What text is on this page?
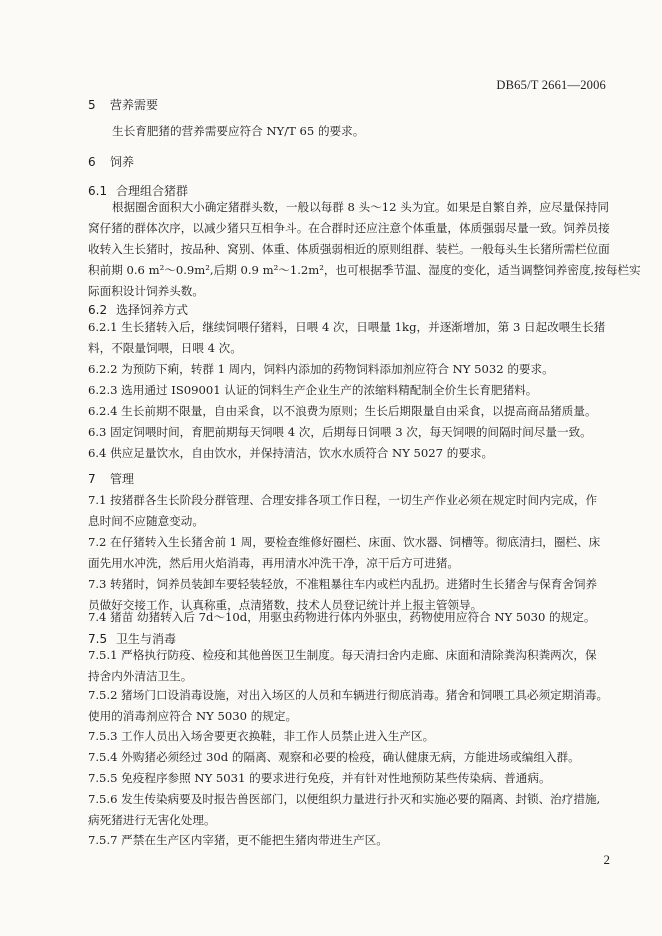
DB65/T 2661—2006
5 营养需要
生长育肥猪的营养需要应符合 NY/T 65 的要求。
6 饲养
6.1 合理组合猪群
根据圈舍面积大小确定猪群头数，一般以每群 8 头～12 头为宜。如果是自繁自养，应尽量保持同
窝仔猪的群体次序，以减少猪只互相争斗。在合群时还应注意个体重量，体质强弱尽量一致。饲养员接
收转入生长猪时，按品种、窝别、体重、体质强弱相近的原则组群、装栏。一般每头生长猪所需栏位面
积前期 0.6 m²～0.9m²,后期 0.9 m²～1.2m²，也可根据季节温、湿度的变化，适当调整饲养密度,按每栏实
际面积设计饲养头数。
6.2 选择饲养方式
6.2.1 生长猪转入后，继续饲喂仔猪料，日喂 4 次，日喂量 1kg，并逐渐增加，第 3 日起改喂生长猪
料，不限量饲喂，日喂 4 次。
6.2.2 为预防下痢，转群 1 周内，饲料内添加的药物饲料添加剂应符合 NY 5032 的要求。
6.2.3 选用通过 IS09001 认证的饲料生产企业生产的浓缩料精配制全价生长育肥猪料。
6.2.4 生长前期不限量，自由采食，以不浪费为原则；生长后期限量自由采食，以提高商品猪质量。
6.3 固定饲喂时间，育肥前期每天饲喂 4 次，后期每日饲喂 3 次，每天饲喂的间隔时间尽量一致。
6.4 供应足量饮水，自由饮水，并保持清洁，饮水水质符合 NY 5027 的要求。
7 管理
7.1 按猪群各生长阶段分群管理、合理安排各项工作日程，一切生产作业必须在规定时间内完成，作
息时间不应随意变动。
7.2 在仔猪转入生长猪舍前 1 周，要检查维修好圈栏、床面、饮水器、饲槽等。彻底清扫，圈栏、床
面先用水冲洗，然后用火焰消毒，再用清水冲洗干净，凉干后方可进猪。
7.3 转猪时，饲养员装卸车要轻装轻放，不准粗暴往车内或栏内乱扔。进猪时生长猪舍与保育舍饲养
员做好交接工作，认真称重，点清猪数，技术人员登记统计并上报主管领导。
7.4 猪苗 幼猪转入后 7d～10d，用驱虫药物进行体内外驱虫，药物使用应符合 NY 5030 的规定。
7.5 卫生与消毒
7.5.1 严格执行防疫、检疫和其他兽医卫生制度。每天清扫舍内走廊、床面和清除粪沟积粪两次，保
持舍内外清洁卫生。
7.5.2 猪场门口设消毒设施，对出入场区的人员和车辆进行彻底消毒。猪舍和饲喂工具必须定期消毒。
使用的消毒剂应符合 NY 5030 的规定。
7.5.3 工作人员出入场舍要更衣换鞋，非工作人员禁止进入生产区。
7.5.4 外购猪必须经过 30d 的隔离、观察和必要的检疫，确认健康无病，方能进场或编组入群。
7.5.5 免疫程序参照 NY 5031 的要求进行免疫，并有针对性地预防某些传染病、普通病。
7.5.6 发生传染病要及时报告兽医部门，以便组织力量进行扑灭和实施必要的隔离、封锁、治疗措施,
病死猪进行无害化处理。
7.5.7 严禁在生产区内宰猪，更不能把生猪肉带进生产区。
2
